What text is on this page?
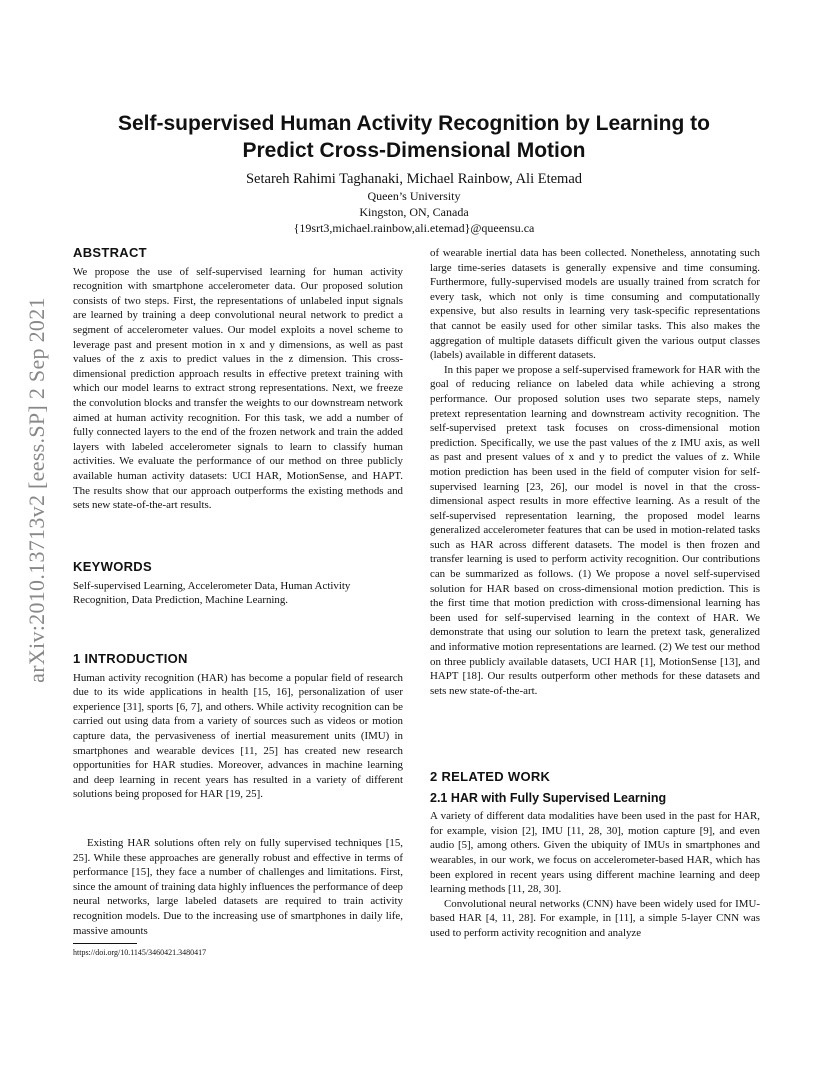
Self-supervised Human Activity Recognition by Learning to
Predict Cross-Dimensional Motion
Setareh Rahimi Taghanaki, Michael Rainbow, Ali Etemad
Queen’s University
Kingston, ON, Canada
{19srt3,michael.rainbow,ali.etemad}@queensu.ca
arXiv:2010.13713v2 [eess.SP] 2 Sep 2021
ABSTRACT

We propose the use of self-supervised learning for human activity recognition with smartphone accelerometer data. Our proposed solution consists of two steps. First, the representations of unlabeled input signals are learned by training a deep convolutional neural network to predict a segment of accelerometer values. Our model exploits a novel scheme to leverage past and present motion in x and y dimensions, as well as past values of the z axis to predict values in the z dimension. This cross-dimensional prediction approach results in effective pretext training with which our model learns to extract strong representations. Next, we freeze the convolution blocks and transfer the weights to our downstream network aimed at human activity recognition. For this task, we add a number of fully connected layers to the end of the frozen network and train the added layers with labeled accelerometer signals to learn to classify human activities. We evaluate the performance of our method on three publicly available human activity datasets: UCI HAR, MotionSense, and HAPT. The results show that our approach outperforms the existing methods and sets new state-of-the-art results.

KEYWORDS

Self-supervised Learning, Accelerometer Data, Human Activity Recognition, Data Prediction, Machine Learning.

1 INTRODUCTION

Human activity recognition (HAR) has become a popular field of research due to its wide applications in health [15, 16], personalization of user experience [31], sports [6, 7], and others. While activity recognition can be carried out using data from a variety of sources such as videos or motion capture data, the pervasiveness of inertial measurement units (IMU) in smartphones and wearable devices [11, 25] has created new research opportunities for HAR studies. Moreover, advances in machine learning and deep learning in recent years has resulted in a variety of different solutions being proposed for HAR [19, 25].

Existing HAR solutions often rely on fully supervised techniques [15, 25]. While these approaches are generally robust and effective in terms of performance [15], they face a number of challenges and limitations. First, since the amount of training data highly influences the performance of deep neural networks, large labeled datasets are required to train activity recognition models. Due to the increasing use of smartphones in daily life, massive amounts

of wearable inertial data has been collected. Nonetheless, annotating such large time-series datasets is generally expensive and time consuming. Furthermore, fully-supervised models are usually trained from scratch for every task, which not only is time consuming and computationally expensive, but also results in learning very task-specific representations that cannot be easily used for other similar tasks. This also makes the aggregation of multiple datasets difficult given the various output classes (labels) available in different datasets.

In this paper we propose a self-supervised framework for HAR with the goal of reducing reliance on labeled data while achieving a strong performance. Our proposed solution uses two separate steps, namely pretext representation learning and downstream activity recognition. The self-supervised pretext task focuses on cross-dimensional motion prediction. Specifically, we use the past values of the z IMU axis, as well as past and present values of x and y to predict the values of z. While motion prediction has been used in the field of computer vision for self-supervised learning [23, 26], our model is novel in that the cross-dimensional aspect results in more effective learning. As a result of the self-supervised representation learning, the proposed model learns generalized accelerometer features that can be used in motion-related tasks such as HAR across different datasets. The model is then frozen and transfer learning is used to perform activity recognition. Our contributions can be summarized as follows. (1) We propose a novel self-supervised solution for HAR based on cross-dimensional motion prediction. This is the first time that motion prediction with cross-dimensional learning has been used for self-supervised learning in the context of HAR. We demonstrate that using our solution to learn the pretext task, generalized and informative motion representations are learned. (2) We test our method on three publicly available datasets, UCI HAR [1], MotionSense [13], and HAPT [18]. Our results outperform other methods for these datasets and sets new state-of-the-art.

2 RELATED WORK
2.1 HAR with Fully Supervised Learning

A variety of different data modalities have been used in the past for HAR, for example, vision [2], IMU [11, 28, 30], motion capture [9], and even audio [5], among others. Given the ubiquity of IMUs in smartphones and wearables, in our work, we focus on accelerometer-based HAR, which has been explored in recent years using different machine learning and deep learning methods [11, 28, 30].

Convolutional neural networks (CNN) have been widely used for IMU-based HAR [4, 11, 28]. For example, in [11], a simple 5-layer CNN was used to perform activity recognition and analyze

https://doi.org/10.1145/3460421.3480417
